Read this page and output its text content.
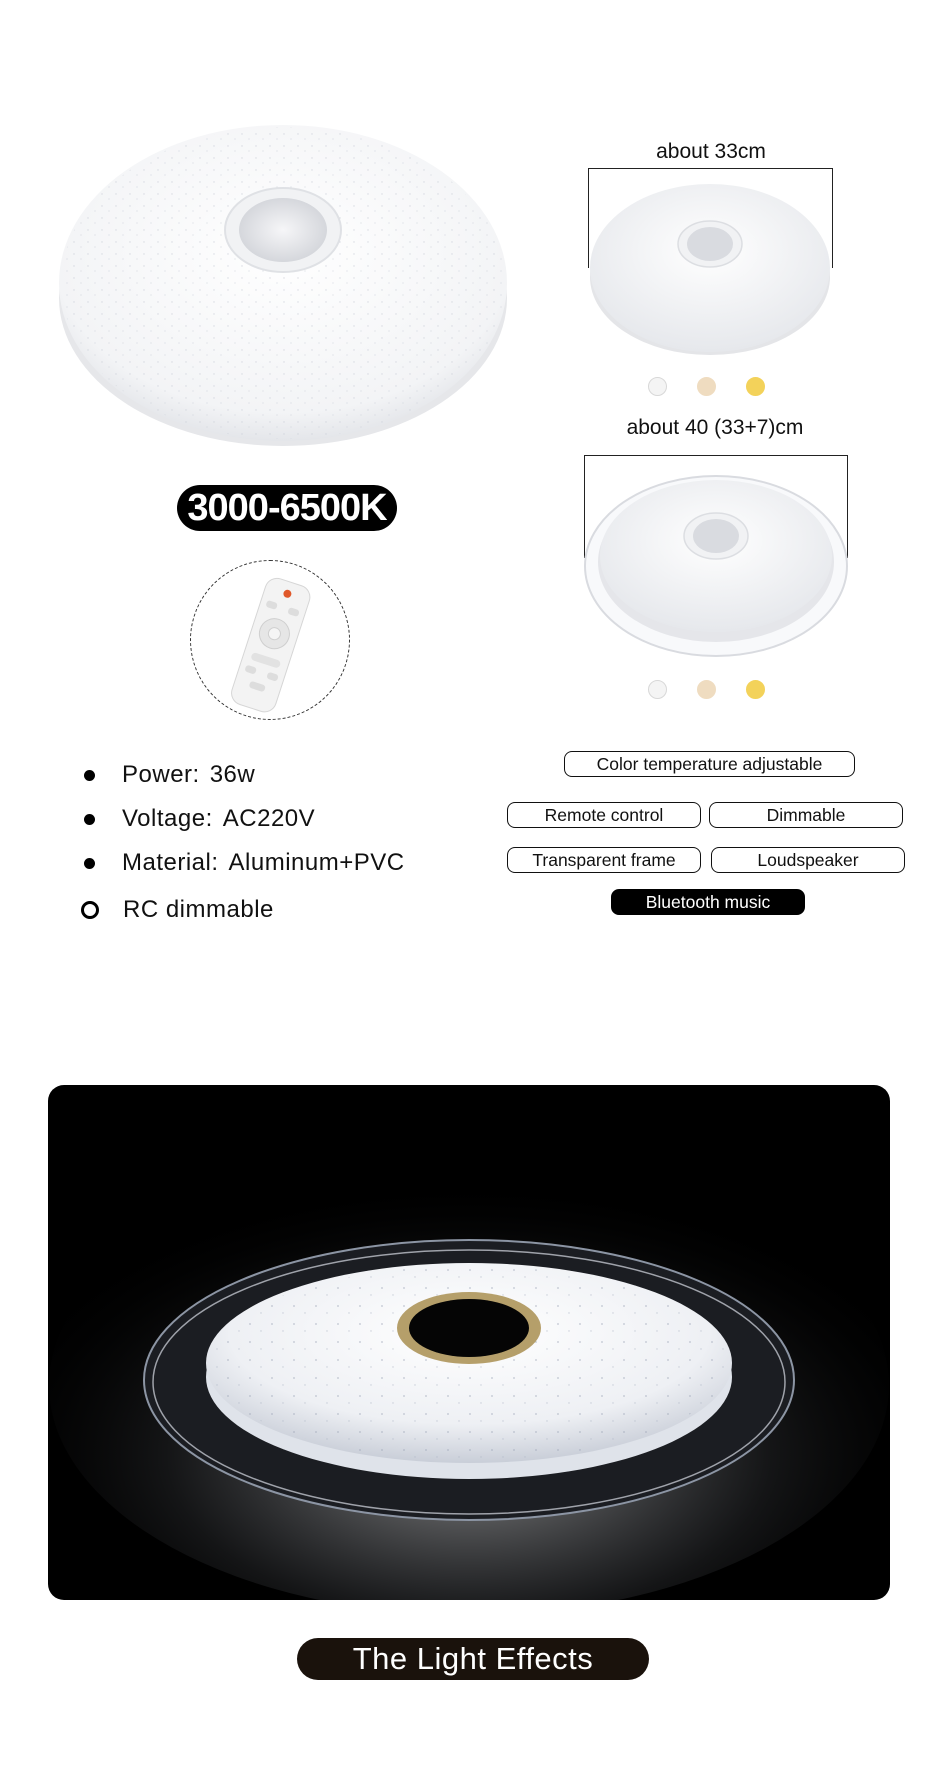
3000-6500K
Power: 36w
Voltage: AC220V
Material: Aluminum+PVC
RC dimmable
about 33cm
about 40 (33+7)cm
Color temperature adjustable
Remote control	Dimmable
Transparent frame	Loudspeaker
Bluetooth music
The Light Effects
